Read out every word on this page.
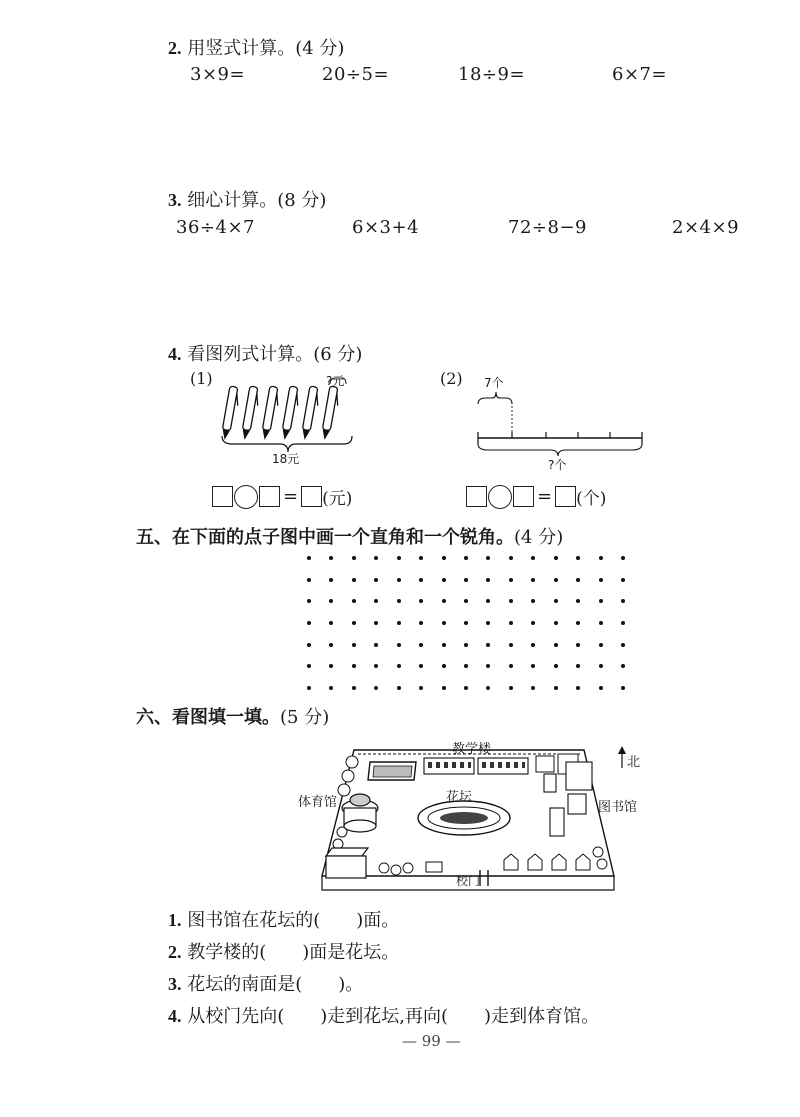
2. 用竖式计算。(4 分)
3×9=	20÷5=	18÷9=	6×7=
3. 细心计算。(8 分)
36÷4×7	6×3+4	72÷8−9	2×4×9
4. 看图列式计算。(6 分)
(1)	?元
18元
(2) 7个
?个
= (元)	= (个)
五、在下面的点子图中画一个直角和一个锐角。(4 分)
六、看图填一填。(5 分)
教学楼
北
体育馆	花坛
图书馆
校门
1. 图书馆在花坛的( )面。
2. 教学楼的( )面是花坛。
3. 花坛的南面是( )。
4. 从校门先向( )走到花坛,再向( )走到体育馆。
— 99 —
